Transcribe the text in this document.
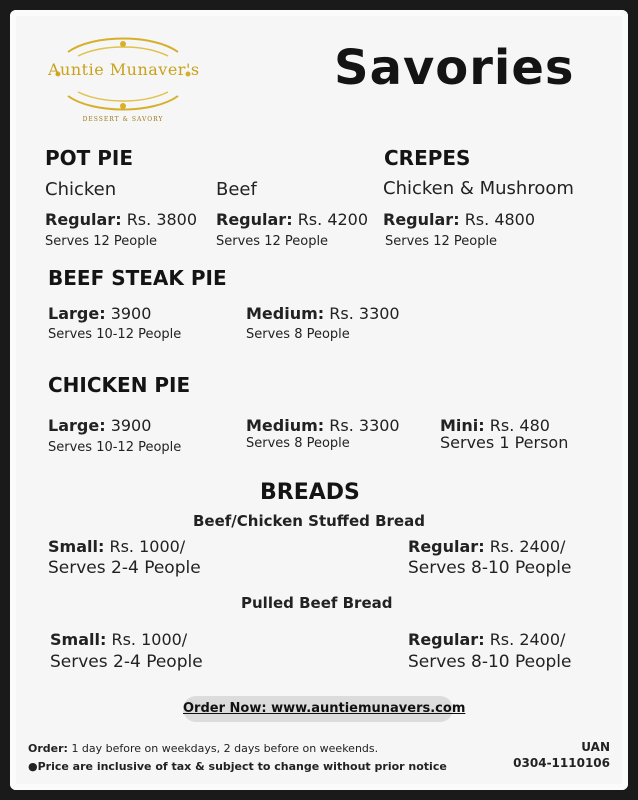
Auntie Munaver's
DESSERT & SAVORY
Savories
POT PIE
Chicken
Regular: Rs. 3800
Serves 12 People
Beef
Regular: Rs. 4200
Serves 12 People
CREPES
Chicken & Mushroom
Regular: Rs. 4800
Serves 12 People
BEEF STEAK PIE
Large: 3900
Serves 10-12 People
Medium: Rs. 3300
Serves 8 People
CHICKEN PIE
Large: 3900
Serves 10-12 People
Medium: Rs. 3300
Serves 8 People
Mini: Rs. 480
Serves 1 Person
BREADS
Beef/Chicken Stuffed Bread
Small: Rs. 1000/
Serves 2-4 People
Regular: Rs. 2400/
Serves 8-10 People
Pulled Beef Bread
Small: Rs. 1000/
Serves 2-4 People
Regular: Rs. 2400/
Serves 8-10 People
Order Now: www.auntiemunavers.com
Order: 1 day before on weekdays, 2 days before on weekends.
●Price are inclusive of tax & subject to change without prior notice
UAN
0304-1110106
